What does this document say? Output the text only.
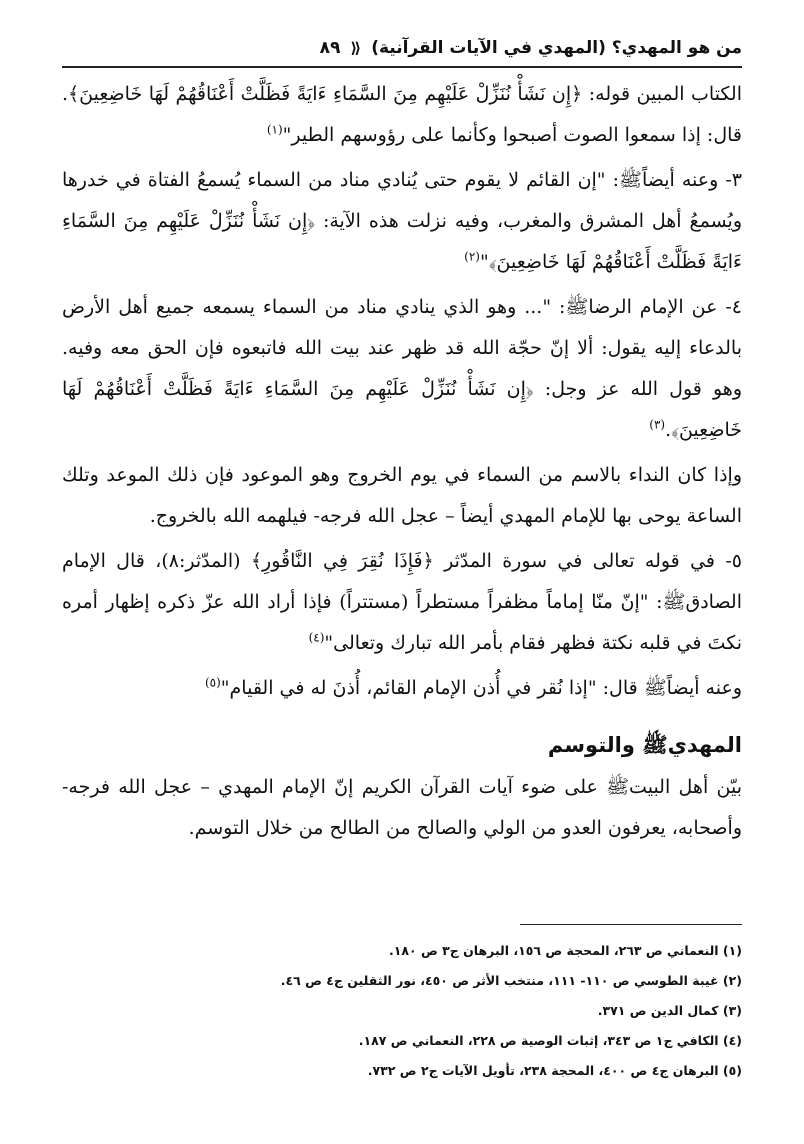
من هو المهدي؟ (المهدي في الآيات القرآنية)
⟪
٨٩

الكتاب المبين قوله: ﴿إِن نَشَأْ نُنَزِّلْ عَلَيْهِم مِنَ السَّمَاءِ ءَايَةً فَظَلَّتْ أَعْنَاقُهُمْ لَهَا خَاضِعِينَ﴾. قال: إذا سمعوا الصوت أصبحوا وكأنما على رؤوسهم الطير"$^{(١)}$

٣- وعنه أيضاًﷺ: "إن القائم لا يقوم حتى يُنادي مناد من السماء يُسمعُ الفتاة في خدرها ويُسمعُ أهل المشرق والمغرب، وفيه نزلت هذه الآية: ﴿إِن نَشَأْ نُنَزِّلْ عَلَيْهِم مِنَ السَّمَاءِ ءَايَةً فَظَلَّتْ أَعْنَاقُهُمْ لَهَا خَاضِعِينَ﴾"$^{(٢)}$

٤- عن الإمام الرضاﷺ: "... وهو الذي ينادي مناد من السماء يسمعه جميع أهل الأرض بالدعاء إليه يقول: ألا إنّ حجّة الله قد ظهر عند بيت الله فاتبعوه فإن الحق معه وفيه. وهو قول الله عز وجل: ﴿إِن نَشَأْ نُنَزِّلْ عَلَيْهِم مِنَ السَّمَاءِ ءَايَةً فَظَلَّتْ أَعْنَاقُهُمْ لَهَا خَاضِعِينَ﴾.$^{(٣)}$

وإذا كان النداء بالاسم من السماء في يوم الخروج وهو الموعود فإن ذلك الموعد وتلك الساعة يوحى بها للإمام المهدي أيضاً – عجل الله فرجه- فيلهمه الله بالخروج.

٥- في قوله تعالى في سورة المدّثر ﴿فَإِذَا نُقِرَ فِي النَّاقُورِ﴾ (المدّثر:٨)، قال الإمام الصادقﷺ: "إنّ منّا إماماً مظفراً مستطراً (مستتراً) فإذا أراد الله عزّ ذكره إظهار أمره نكتَ في قلبه نكتة فظهر فقام بأمر الله تبارك وتعالى"$^{(٤)}$

وعنه أيضاًﷺ قال: "إذا نُقر في أُذن الإمام القائم، أُذنَ له في القيام"$^{(٥)}$

المهديﷺ والتوسم

بيّن أهل البيتﷺ على ضوء آيات القرآن الكريم إنّ الإمام المهدي – عجل الله فرجه- وأصحابه، يعرفون العدو من الولي والصالح من الطالح من خلال التوسم.

(١) النعماني ص ٢٦٣، المحجة ص ١٥٦، البرهان ج٣ ص ١٨٠.
(٢) غيبة الطوسي ص ١١٠- ١١١، منتخب الأثر ص ٤٥٠، نور الثقلين ج٤ ص ٤٦.
(٣) كمال الدين ص ٣٧١.
(٤) الكافي ج١ ص ٣٤٣، إثبات الوصية ص ٢٢٨، النعماني ص ١٨٧.
(٥) البرهان ج٤ ص ٤٠٠، المحجة ٢٣٨، تأويل الآيات ج٢ ص ٧٣٢.
